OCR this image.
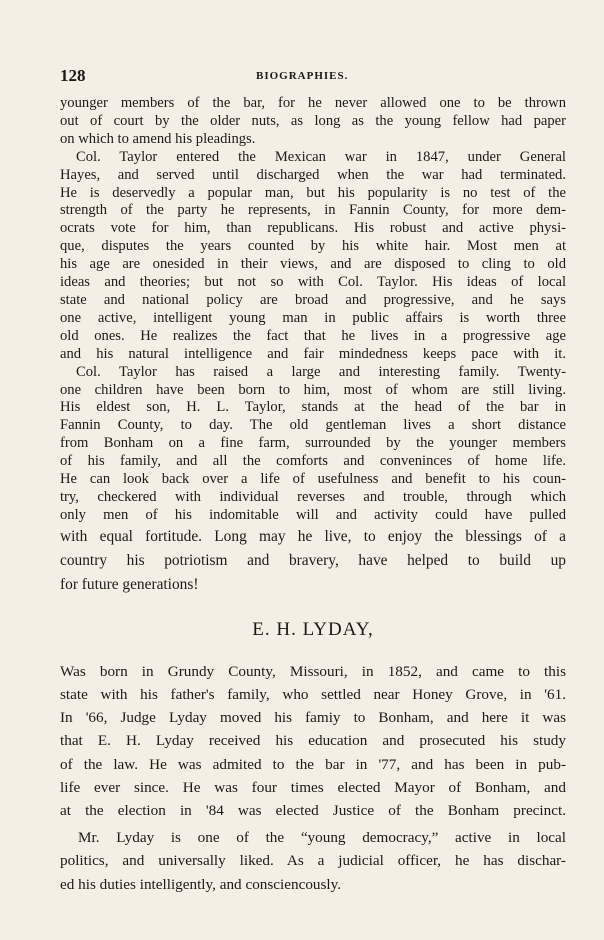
128	BIOGRAPHIES.

younger members of the bar, for he never allowed one to be thrown
out of court by the older nuts, as long as the young fellow had paper
on which to amend his pleadings.

Col. Taylor entered the Mexican war in 1847, under General
Hayes, and served until discharged when the war had terminated.
He is deservedly a popular man, but his popularity is no test of the
strength of the party he represents, in Fannin County, for more dem-
ocrats vote for him, than republicans. His robust and active physi-
que, disputes the years counted by his white hair. Most men at
his age are onesided in their views, and are disposed to cling to old
ideas and theories; but not so with Col. Taylor. His ideas of local
state and national policy are broad and progressive, and he says
one active, intelligent young man in public affairs is worth three
old ones. He realizes the fact that he lives in a progressive age
and his natural intelligence and fair mindedness keeps pace with it.

Col. Taylor has raised a large and interesting family. Twenty-
one children have been born to him, most of whom are still living.
His eldest son, H. L. Taylor, stands at the head of the bar in
Fannin County, to day. The old gentleman lives a short distance
from Bonham on a fine farm, surrounded by the younger members
of his family, and all the comforts and conveninces of home life.
He can look back over a life of usefulness and benefit to his coun-
try, checkered with individual reverses and trouble, through which
only men of his indomitable will and activity could have pulled
with equal fortitude. Long may he live, to enjoy the blessings of a
country his potriotism and bravery, have helped to build up
for future generations!

E. H. LYDAY,

Was born in Grundy County, Missouri, in 1852, and came to this
state with his father's family, who settled near Honey Grove, in '61.
In '66, Judge Lyday moved his famiy to Bonham, and here it was
that E. H. Lyday received his education and prosecuted his study
of the law. He was admited to the bar in '77, and has been in pub-
life ever since. He was four times elected Mayor of Bonham, and
at the election in '84 was elected Justice of the Bonham precinct.

Mr. Lyday is one of the “young democracy,” active in local
politics, and universally liked. As a judicial officer, he has dischar-
ed his duties intelligently, and consciencously.
